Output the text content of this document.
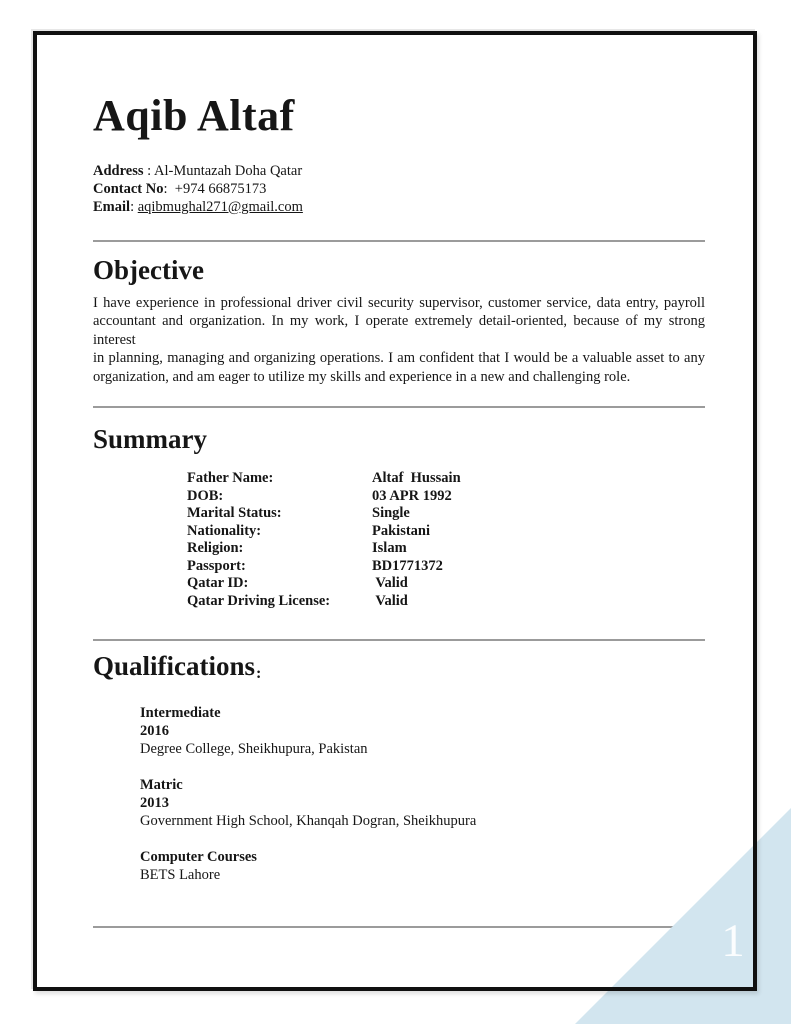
Aqib Altaf
Address : Al-Muntazah Doha Qatar
Contact No:  +974 66875173
Email: aqibmughal271@gmail.com
Objective
I have experience in professional driver civil security supervisor, customer service, data entry, payroll
accountant and organization. In my work, I operate extremely detail-oriented, because of my strong interest
in planning, managing and organizing operations. I am confident that I would be a valuable asset to any
organization, and am eager to utilize my skills and experience in a new and challenging role.
Summary
Father Name:	Altaf  Hussain
DOB:	03 APR 1992
Marital Status:	Single
Nationality:	Pakistani
Religion:	Islam
Passport:	BD1771372
Qatar ID:	Valid
Qatar Driving License:	Valid
Qualifications:
Intermediate
2016
Degree College, Sheikhupura, Pakistan
Matric
2013
Government High School, Khanqah Dogran, Sheikhupura
Computer Courses
BETS Lahore
1
